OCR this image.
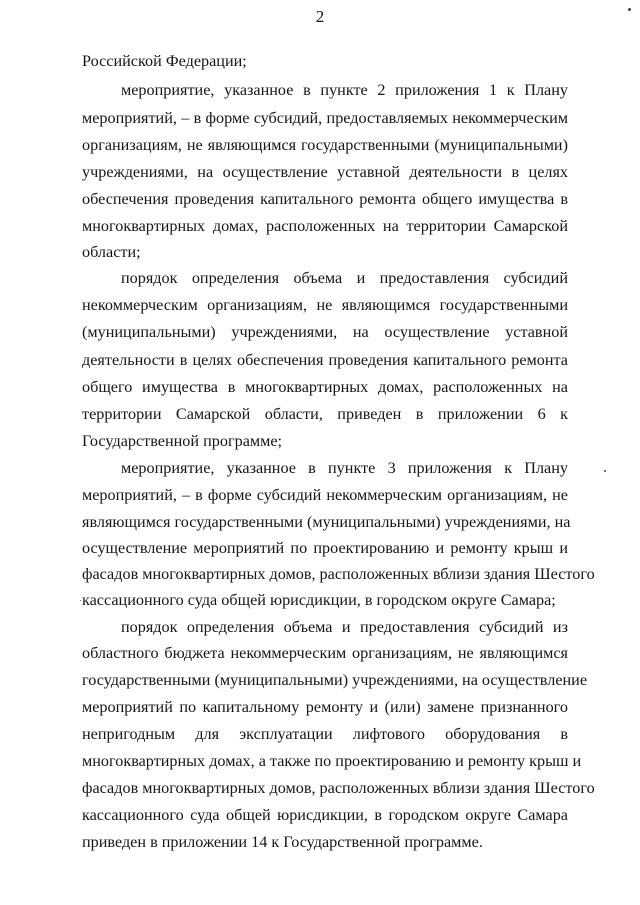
2
Российской Федерации;
мероприятие, указанное в пункте 2 приложения 1 к Плану
мероприятий, – в форме субсидий, предоставляемых некоммерческим
организациям, не являющимся государственными (муниципальными)
учреждениями, на осуществление уставной деятельности в целях
обеспечения проведения капитального ремонта общего имущества в
многоквартирных домах, расположенных на территории Самарской
области;
порядок определения объема и предоставления субсидий
некоммерческим организациям, не являющимся государственными
(муниципальными) учреждениями, на осуществление уставной
деятельности в целях обеспечения проведения капитального ремонта
общего имущества в многоквартирных домах, расположенных на
территории Самарской области, приведен в приложении 6 к
Государственной программе;
мероприятие, указанное в пункте 3 приложения к Плану
мероприятий, – в форме субсидий некоммерческим организациям, не
являющимся государственными (муниципальными) учреждениями, на
осуществление мероприятий по проектированию и ремонту крыш и
фасадов многоквартирных домов, расположенных вблизи здания Шестого
кассационного суда общей юрисдикции, в городском округе Самара;
порядок определения объема и предоставления субсидий из
областного бюджета некоммерческим организациям, не являющимся
государственными (муниципальными) учреждениями, на осуществление
мероприятий по капитальному ремонту и (или) замене признанного
непригодным для эксплуатации лифтового оборудования в
многоквартирных домах, а также по проектированию и ремонту крыш и
фасадов многоквартирных домов, расположенных вблизи здания Шестого
кассационного суда общей юрисдикции, в городском округе Самара
приведен в приложении 14 к Государственной программе.
